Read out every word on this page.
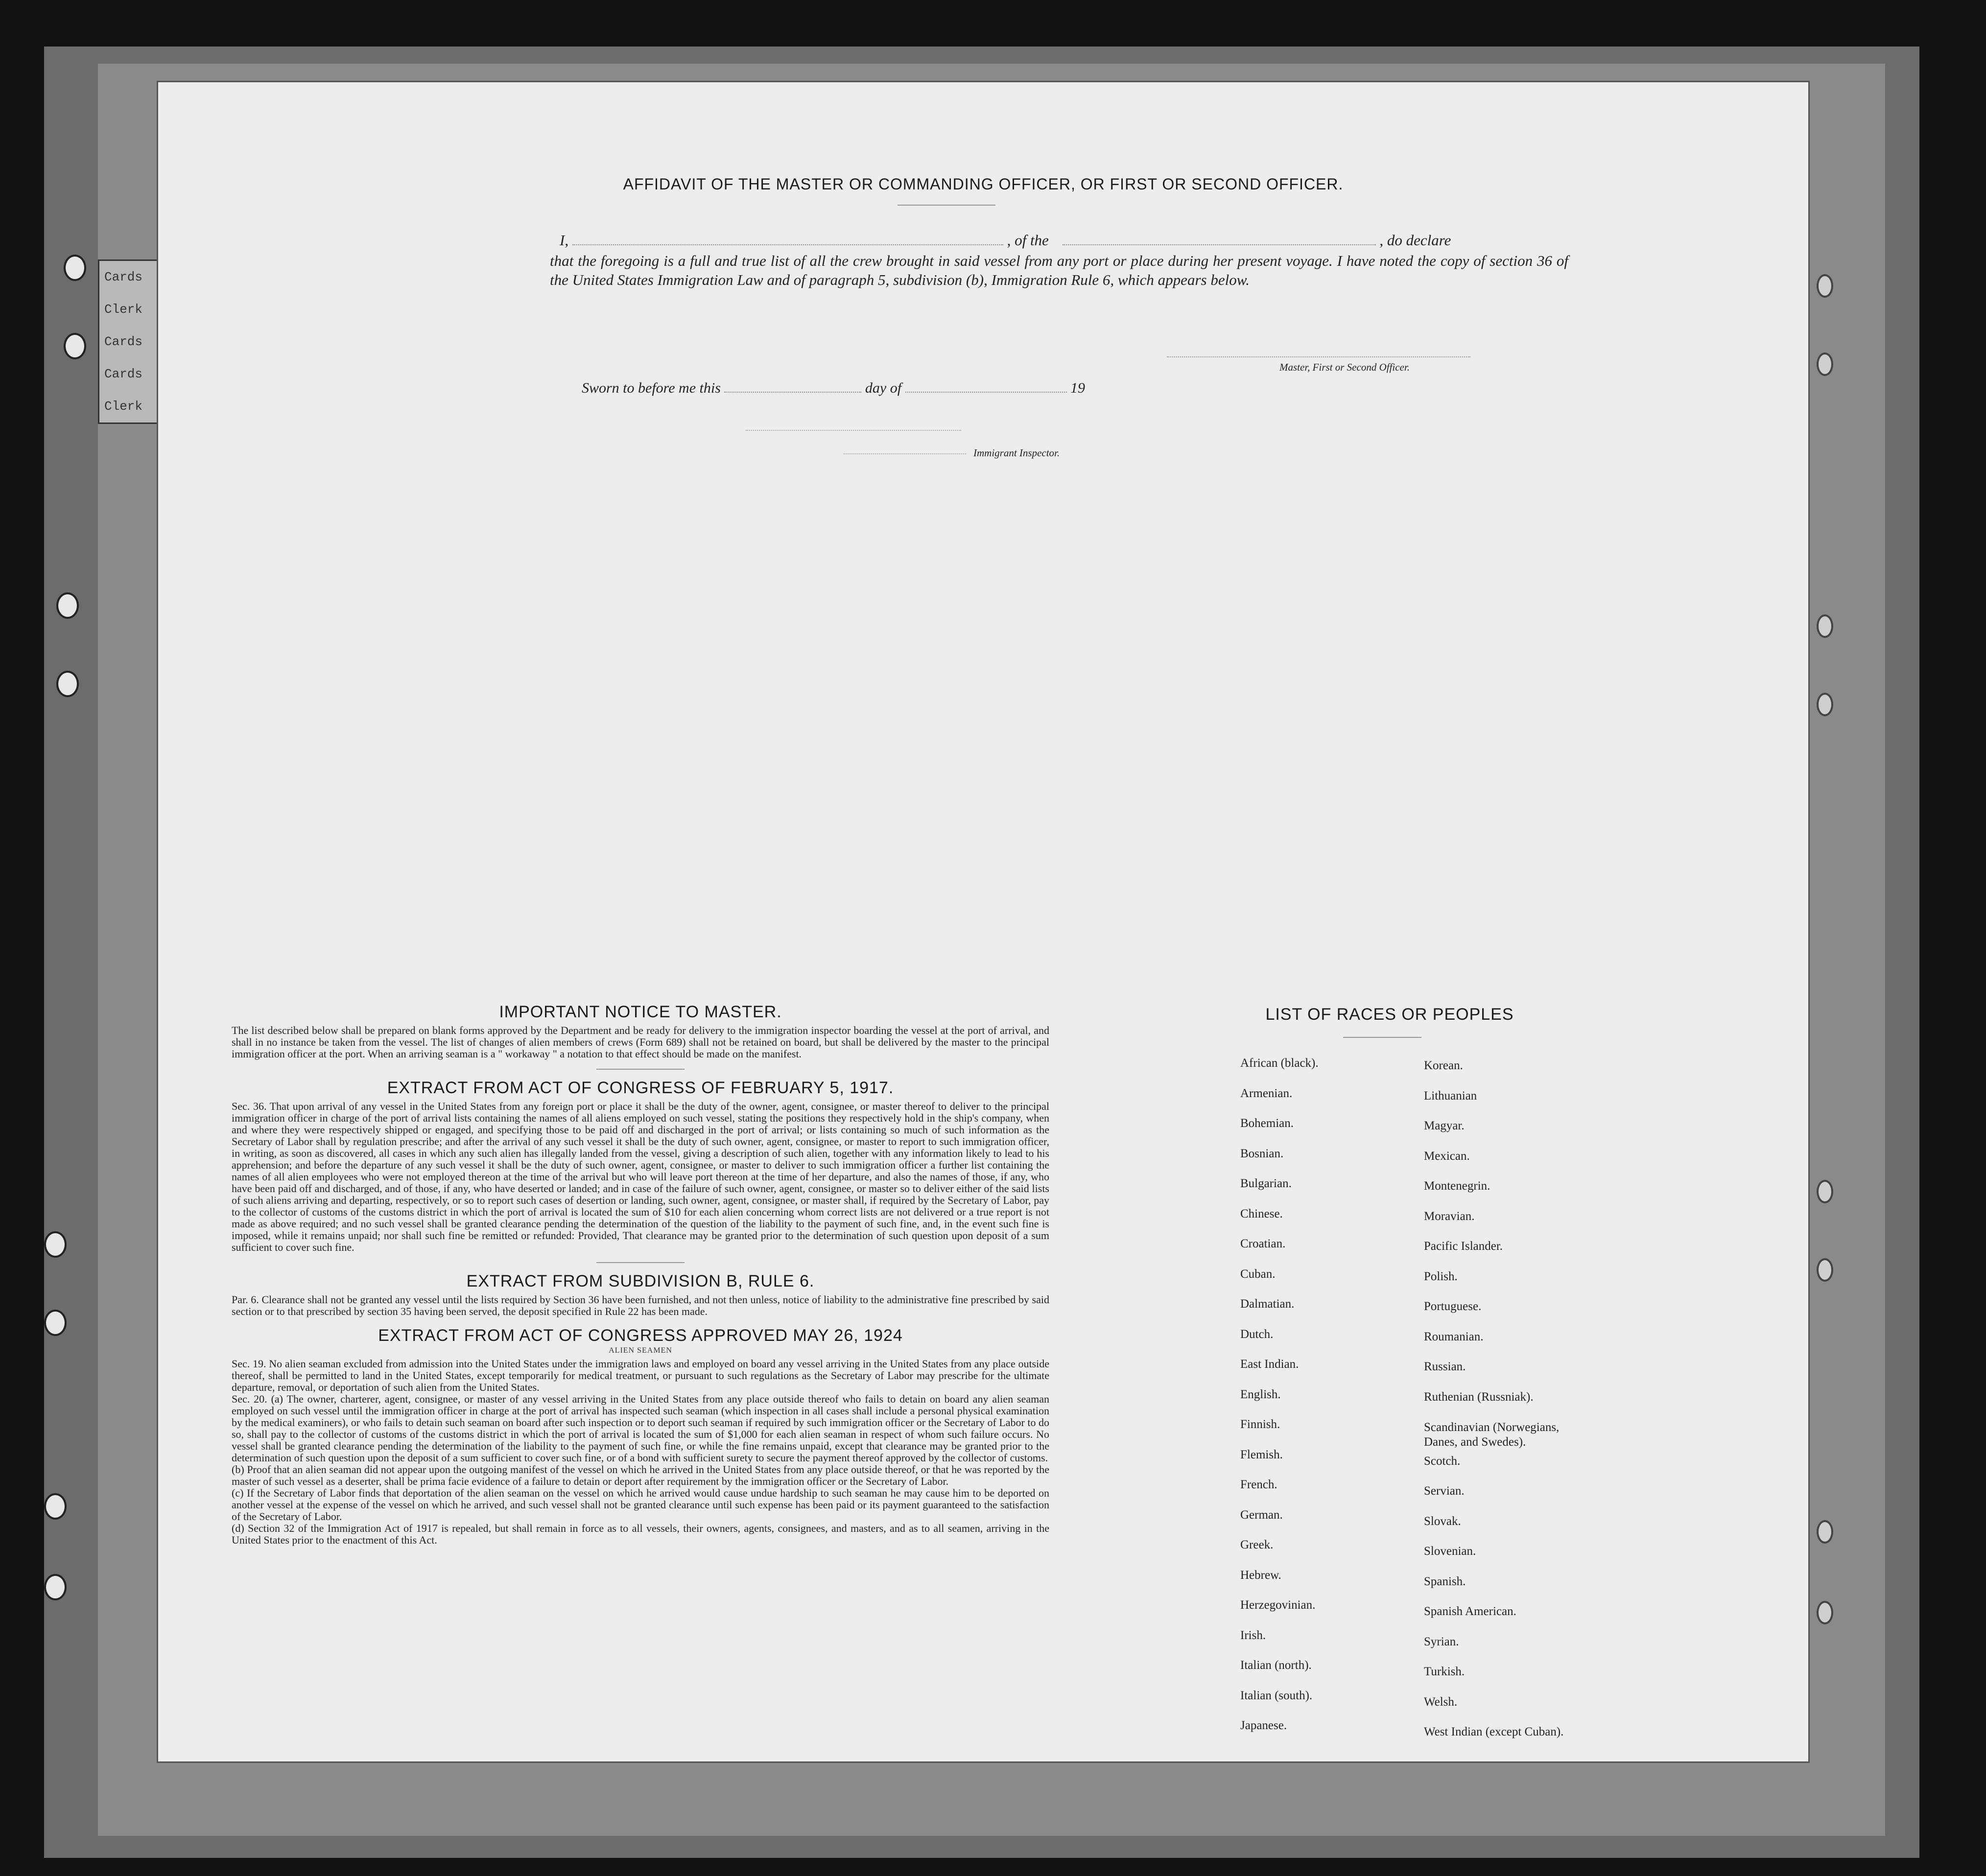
Cards
Clerk
Cards
Cards
Clerk
AFFIDAVIT OF THE MASTER OR COMMANDING OFFICER, OR FIRST OR SECOND OFFICER.
I,	, of the	, do declare
that the foregoing is a full and true list of all the crew brought in said vessel from any port or place during her present voyage. I have noted the copy of section 36 of the United States Immigration Law and of paragraph 5, subdivision (b), Immigration Rule 6, which appears below.
Master, First or Second Officer.
Sworn to before me this	day of	19
Immigrant Inspector.
IMPORTANT NOTICE TO MASTER.
The list described below shall be prepared on blank forms approved by the Department and be ready for delivery to the immigration inspector boarding the vessel at the port of arrival, and shall in no instance be taken from the vessel. The list of changes of alien members of crews (Form 689) shall not be retained on board, but shall be delivered by the master to the principal immigration officer at the port. When an arriving seaman is a " workaway " a notation to that effect should be made on the manifest.
EXTRACT FROM ACT OF CONGRESS OF FEBRUARY 5, 1917.
Sec. 36. That upon arrival of any vessel in the United States from any foreign port or place it shall be the duty of the owner, agent, consignee, or master thereof to deliver to the principal immigration officer in charge of the port of arrival lists containing the names of all aliens employed on such vessel, stating the positions they respectively hold in the ship's company, when and where they were respectively shipped or engaged, and specifying those to be paid off and discharged in the port of arrival; or lists containing so much of such information as the Secretary of Labor shall by regulation prescribe; and after the arrival of any such vessel it shall be the duty of such owner, agent, consignee, or master to report to such immigration officer, in writing, as soon as discovered, all cases in which any such alien has illegally landed from the vessel, giving a description of such alien, together with any information likely to lead to his apprehension; and before the departure of any such vessel it shall be the duty of such owner, agent, consignee, or master to deliver to such immigration officer a further list containing the names of all alien employees who were not employed thereon at the time of the arrival but who will leave port thereon at the time of her departure, and also the names of those, if any, who have been paid off and discharged, and of those, if any, who have deserted or landed; and in case of the failure of such owner, agent, consignee, or master so to deliver either of the said lists of such aliens arriving and departing, respectively, or so to report such cases of desertion or landing, such owner, agent, consignee, or master shall, if required by the Secretary of Labor, pay to the collector of customs of the customs district in which the port of arrival is located the sum of $10 for each alien concerning whom correct lists are not delivered or a true report is not made as above required; and no such vessel shall be granted clearance pending the determination of the question of the liability to the payment of such fine, and, in the event such fine is imposed, while it remains unpaid; nor shall such fine be remitted or refunded: Provided, That clearance may be granted prior to the determination of such question upon deposit of a sum sufficient to cover such fine.
EXTRACT FROM SUBDIVISION B, RULE 6.
Par. 6. Clearance shall not be granted any vessel until the lists required by Section 36 have been furnished, and not then unless, notice of liability to the administrative fine prescribed by said section or to that prescribed by section 35 having been served, the deposit specified in Rule 22 has been made.
EXTRACT FROM ACT OF CONGRESS APPROVED MAY 26, 1924
ALIEN SEAMEN
Sec. 19. No alien seaman excluded from admission into the United States under the immigration laws and employed on board any vessel arriving in the United States from any place outside thereof, shall be permitted to land in the United States, except temporarily for medical treatment, or pursuant to such regulations as the Secretary of Labor may prescribe for the ultimate departure, removal, or deportation of such alien from the United States.
Sec. 20. (a) The owner, charterer, agent, consignee, or master of any vessel arriving in the United States from any place outside thereof who fails to detain on board any alien seaman employed on such vessel until the immigration officer in charge at the port of arrival has inspected such seaman (which inspection in all cases shall include a personal physical examination by the medical examiners), or who fails to detain such seaman on board after such inspection or to deport such seaman if required by such immigration officer or the Secretary of Labor to do so, shall pay to the collector of customs of the customs district in which the port of arrival is located the sum of $1,000 for each alien seaman in respect of whom such failure occurs. No vessel shall be granted clearance pending the determination of the liability to the payment of such fine, or while the fine remains unpaid, except that clearance may be granted prior to the determination of such question upon the deposit of a sum sufficient to cover such fine, or of a bond with sufficient surety to secure the payment thereof approved by the collector of customs.
(b) Proof that an alien seaman did not appear upon the outgoing manifest of the vessel on which he arrived in the United States from any place outside thereof, or that he was reported by the master of such vessel as a deserter, shall be prima facie evidence of a failure to detain or deport after requirement by the immigration officer or the Secretary of Labor.
(c) If the Secretary of Labor finds that deportation of the alien seaman on the vessel on which he arrived would cause undue hardship to such seaman he may cause him to be deported on another vessel at the expense of the vessel on which he arrived, and such vessel shall not be granted clearance until such expense has been paid or its payment guaranteed to the satisfaction of the Secretary of Labor.
(d) Section 32 of the Immigration Act of 1917 is repealed, but shall remain in force as to all vessels, their owners, agents, consignees, and masters, and as to all seamen, arriving in the United States prior to the enactment of this Act.
LIST OF RACES OR PEOPLES
African (black).
Armenian.
Bohemian.
Bosnian.
Bulgarian.
Chinese.
Croatian.
Cuban.
Dalmatian.
Dutch.
East Indian.
English.
Finnish.
Flemish.
French.
German.
Greek.
Hebrew.
Herzegovinian.
Irish.
Italian (north).
Italian (south).
Japanese.
Korean.
Lithuanian
Magyar.
Mexican.
Montenegrin.
Moravian.
Pacific Islander.
Polish.
Portuguese.
Roumanian.
Russian.
Ruthenian (Russniak).
Scandinavian (Norwegians, Danes, and Swedes).
Scotch.
Servian.
Slovak.
Slovenian.
Spanish.
Spanish American.
Syrian.
Turkish.
Welsh.
West Indian (except Cuban).
